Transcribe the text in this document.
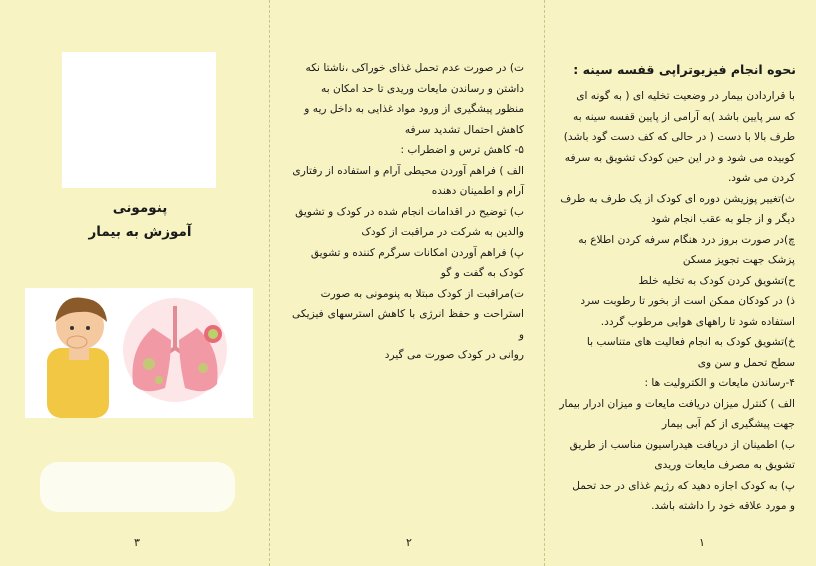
پنومونی
آموزش به بیمار
۳
ت) در صورت عدم تحمل غذای خوراکی ،ناشتا نکه
داشتن و رساندن مایعات وریدی تا حد امکان به
منظور پیشگیری از ورود مواد غذایی به داخل ریه و
کاهش احتمال تشدید سرفه
۵- کاهش ترس و اضطراب :
الف ) فراهم آوردن محیطی آرام و استفاده از رفتاری
آرام و اطمینان دهنده
ب) توضیح در اقدامات انجام شده در کودک و تشویق
والدین به شرکت در مراقبت از کودک
پ) فراهم آوردن امکانات سرگرم کننده و تشویق
کودک به گفت و گو
ت)مراقبت از کودک مبتلا به پنومونی به صورت
استراحت و حفظ انرژی با کاهش استرسهای فیزیکی و
روانی در کودک صورت می گیرد
۲
نحوه انجام فیزیوتراپی قفسه سینه :
با قراردادن بیمار در وضعیت تخلیه ای ( به گونه ای
که سر پایین باشد )به آرامی از پایین قفسه سینه به
طرف بالا با دست ( در حالی که کف دست گود باشد)
کوبیده می شود و در این حین کودک تشویق به سرفه
کردن می شود.
ث)تغییر پوزیشن دوره ای کودک از یک طرف به طرف
دیگر و از جلو به عقب انجام شود
چ)در صورت بروز درد هنگام سرفه کردن اطلاع به
پزشک جهت تجویز مسکن
ح)تشویق کردن کودک به تخلیه خلط
ذ) در کودکان ممکن است از بخور تا رطوبت سرد
استفاده شود تا راههای هوایی مرطوب گردد.
خ)تشویق کودک به انجام فعالیت های متناسب با
سطح تحمل و سن وی
۴-رساندن مایعات و الکترولیت ها :
الف ) کنترل میزان دریافت مایعات و میزان ادرار بیمار
جهت پیشگیری از کم آبی بیمار
ب) اطمینان از دریافت هیدراسیون مناسب از طریق
تشویق به مصرف مایعات وریدی
پ) به کودک اجازه دهید که رژیم غذای در حد تحمل
و مورد علاقه خود را داشته باشد.
۱
